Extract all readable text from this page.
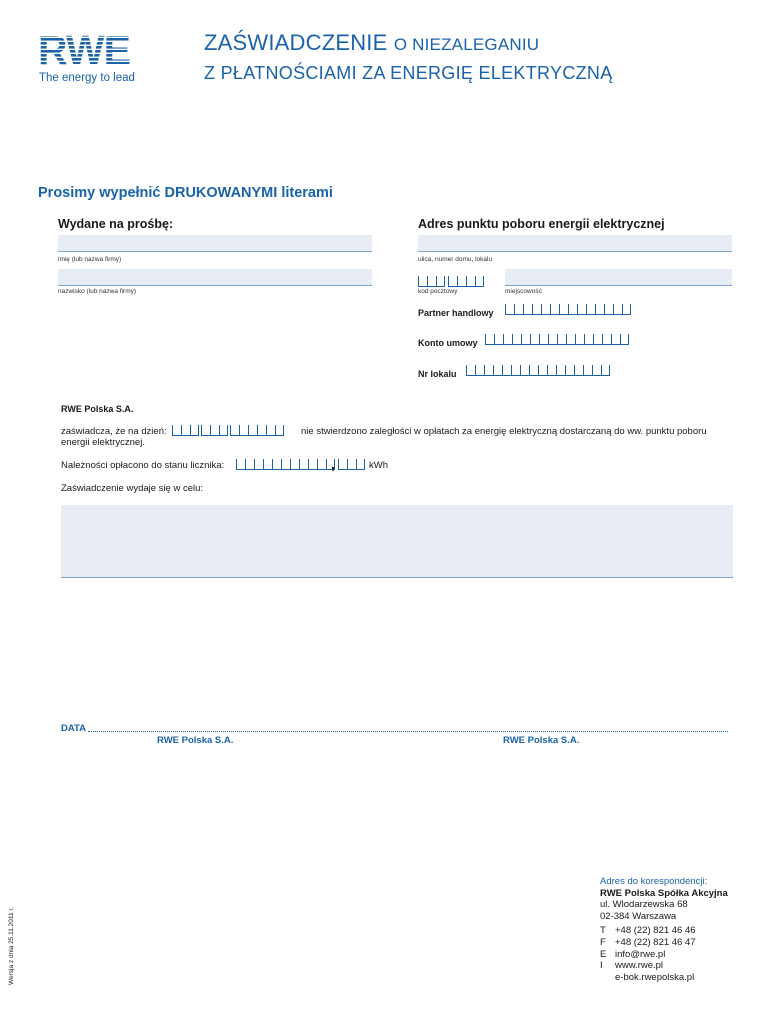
RWE
The energy to lead
ZAŚWIADCZENIE O NIEZALEGANIU
Z PŁATNOŚCIAMI ZA ENERGIĘ ELEKTRYCZNĄ
Prosimy wypełnić DRUKOWANYMI literami
Wydane na prośbę:
imię (lub nazwa firmy)
nazwisko (lub nazwa firmy)
Adres punktu poboru energii elektrycznej
ulica, numer domu, lokalu
kod pocztowy	miejscowość
Partner handlowy
Konto umowy
Nr lokalu
RWE Polska S.A.
zaświadcza, że na dzień:	nie stwierdzono zaległości w opłatach za energię elektryczną dostarczaną do ww. punktu poboru
energii elektrycznej.
Należności opłacono do stanu licznika:	,	kWh
Zaświadczenie wydaje się w celu:
DATA
RWE Polska S.A.	RWE Polska S.A.
Adres do korespondencji:
RWE Polska Spółka Akcyjna
ul. Wlodarzewska 68
02-384 Warszawa
T +48 (22) 821 46 46
F +48 (22) 821 46 47
E info@rwe.pl
I www.rwe.pl
e-bok.rwepolska.pl
Wersja z dnia 25.11.2011 r.
